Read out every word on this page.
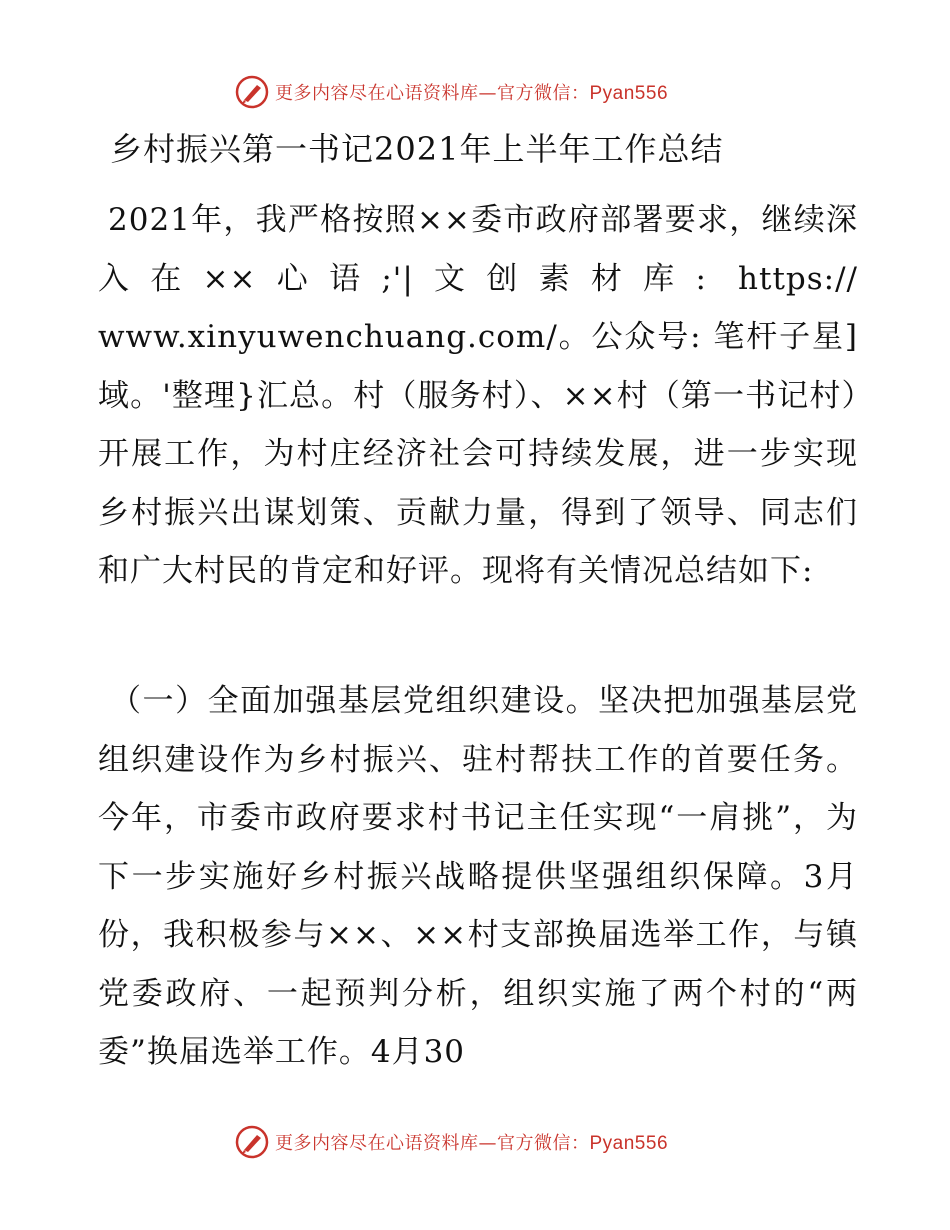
更多内容尽在心语资料库—官方微信：Pyan556
乡村振兴第一书记2021年上半年工作总结
2021年，我严格按照××委市政府部署要求，继续深入在××心语;'|文创素材库: https:// www.xinyuwenchuang.com/。公众号: 笔杆子星]域。'整理}汇总。村（服务村）、××村（第一书记村）开展工作，为村庄经济社会可持续发展，进一步实现乡村振兴出谋划策、贡献力量，得到了领导、同志们和广大村民的肯定和好评。现将有关情况总结如下:
（一）全面加强基层党组织建设。坚决把加强基层党组织建设作为乡村振兴、驻村帮扶工作的首要任务。今年，市委市政府要求村书记主任实现“一肩挑”，为下一步实施好乡村振兴战略提供坚强组织保障。3月份，我积极参与××、××村支部换届选举工作，与镇党委政府、一起预判分析，组织实施了两个村的“两委”换届选举工作。4月30
更多内容尽在心语资料库—官方微信：Pyan556
